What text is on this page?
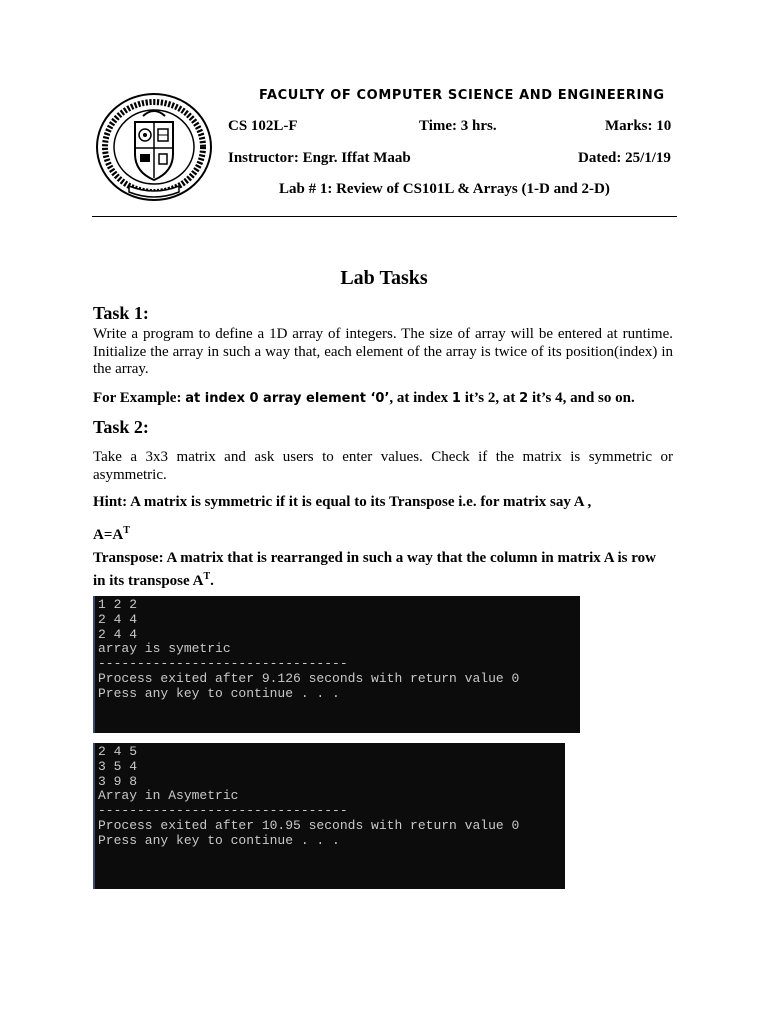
FACULTY OF COMPUTER SCIENCE AND ENGINEERING
CS 102L-F	Time: 3 hrs.	Marks: 10
Instructor: Engr. Iffat Maab	Dated: 25/1/19
Lab # 1: Review of CS101L & Arrays (1-D and 2-D)
Lab Tasks
Task 1:
Write a program to define a 1D array of integers. The size of array will be entered at runtime. Initialize the array in such a way that, each element of the array is twice of its position(index) in the array.
For Example: at index 0 array element ‘0’, at index 1 it’s 2, at 2 it’s 4, and so on.
Task 2:
Take a 3x3 matrix and ask users to enter values. Check if the matrix is symmetric or asymmetric.
Hint: A matrix is symmetric if it is equal to its Transpose i.e. for matrix say A ,
$A=A^T$
Transpose: A matrix that is rearranged in such a way that the column in matrix A is row
in its transpose $A^T$.
1 2 2
2 4 4
2 4 4
array is symetric
--------------------------------
Process exited after 9.126 seconds with return value 0
Press any key to continue . . .
2 4 5
3 5 4
3 9 8
Array in Asymetric
--------------------------------
Process exited after 10.95 seconds with return value 0
Press any key to continue . . .
